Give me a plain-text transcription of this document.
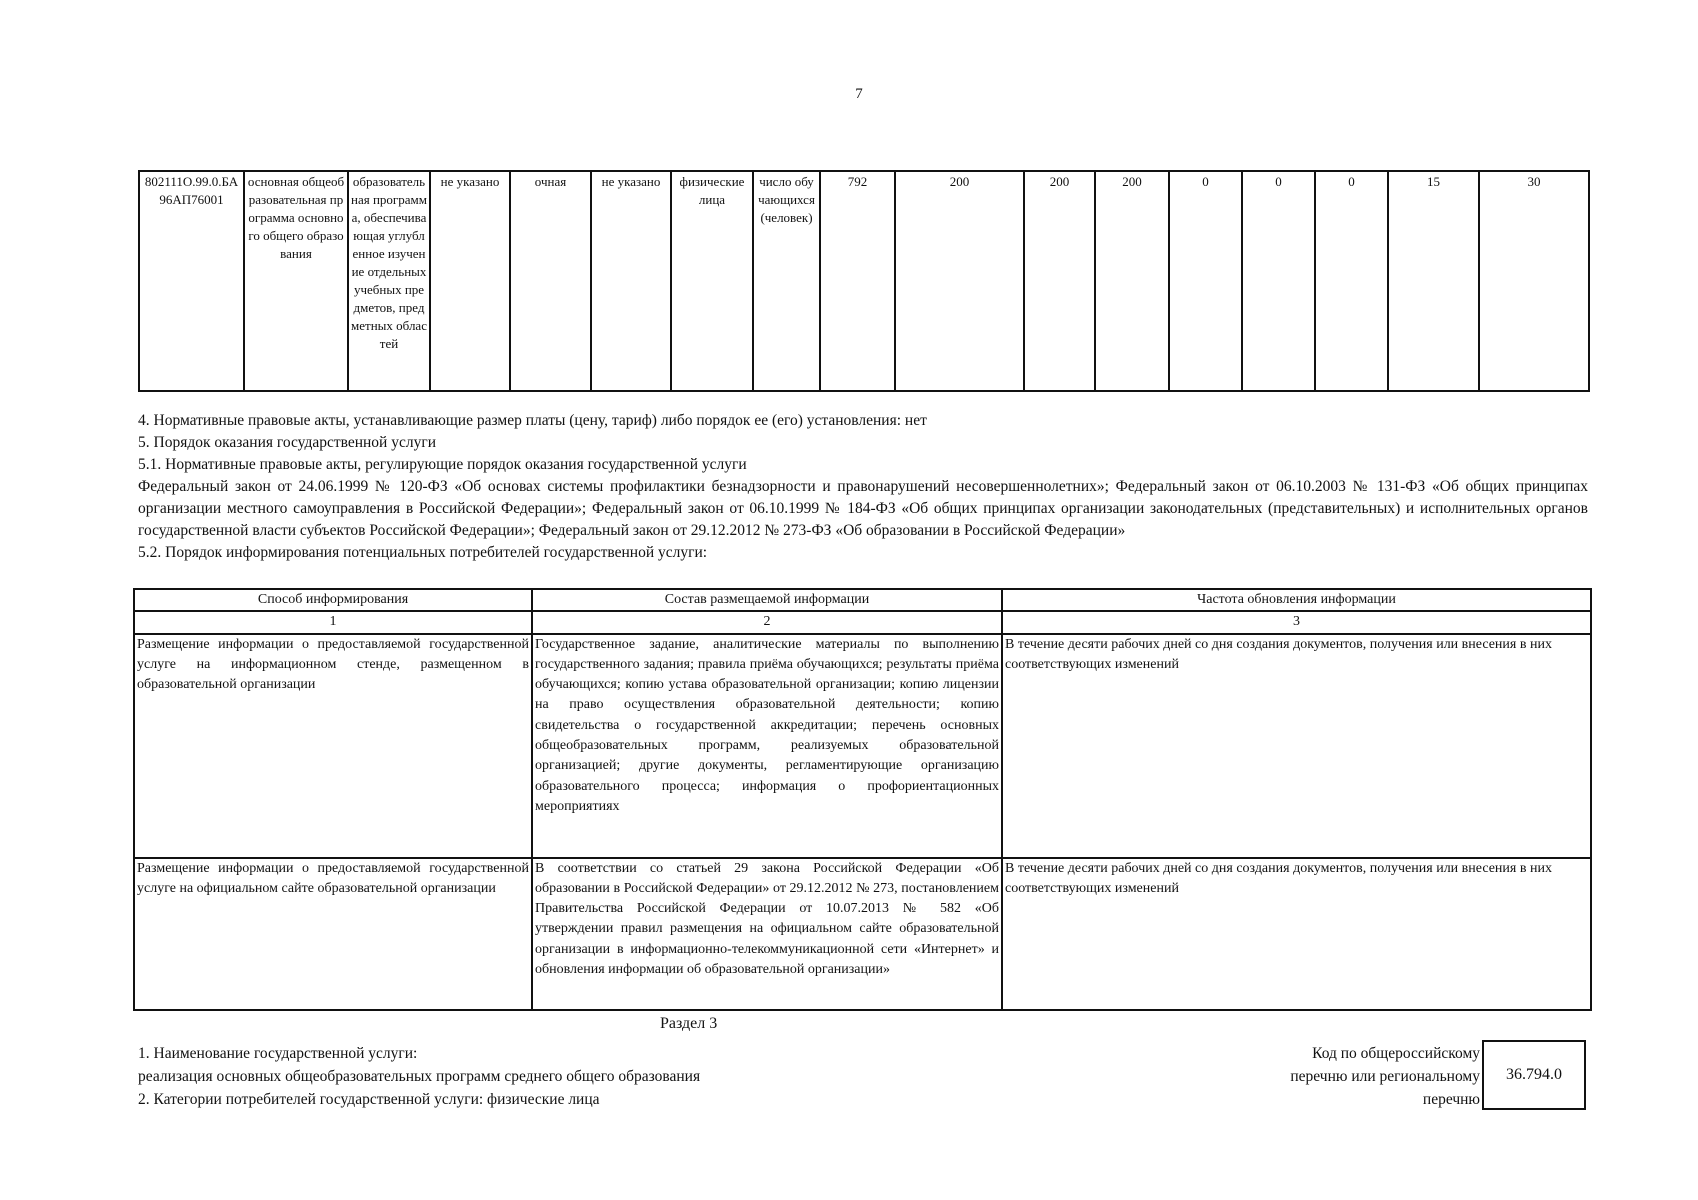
7
802111О.99.0.БА96АП76001	основная общеобразовательная программа основного общего образования	образовательная программа, обеспечивающая углубленное изучение отдельных учебных предметов, предметных областей	не указано	очная	не указано	физические лица	число обучающихся (человек)	792	200	200	200	0	0	0	15	30

4. Нормативные правовые акты, устанавливающие размер платы (цену, тариф) либо порядок ее (его) установления: нет

5. Порядок оказания государственной услуги

5.1. Нормативные правовые акты, регулирующие порядок оказания государственной услуги

Федеральный закон от 24.06.1999 № 120-ФЗ «Об основах системы профилактики безнадзорности и правонарушений несовершеннолетних»; Федеральный закон от 06.10.2003 № 131-ФЗ «Об общих принципах организации местного самоуправления в Российской Федерации»; Федеральный закон от 06.10.1999 № 184-ФЗ «Об общих принципах организации законодательных (представительных) и исполнительных органов государственной власти субъектов Российской Федерации»; Федеральный закон от 29.12.2012 № 273-ФЗ «Об образовании в Российской Федерации»

5.2. Порядок информирования потенциальных потребителей государственной услуги:

Способ информирования	Состав размещаемой информации	Частота обновления информации
1	2	3
Размещение информации о предоставляемой государственной услуге на информационном стенде, размещенном в образовательной организации	Государственное задание, аналитические материалы по выполнению государственного задания; правила приёма обучающихся; результаты приёма обучающихся; копию устава образовательной организации; копию лицензии на право осуществления образовательной деятельности; копию свидетельства о государственной аккредитации; перечень основных общеобразовательных программ, реализуемых образовательной организацией; другие документы, регламентирующие организацию образовательного процесса; информация о профориентационных мероприятиях	В течение десяти рабочих дней со дня создания документов, получения или внесения в них соответствующих изменений
Размещение информации о предоставляемой государственной услуге на официальном сайте образовательной организации	В соответствии со статьей 29 закона Российской Федерации «Об образовании в Российской Федерации» от 29.12.2012 № 273, постановлением Правительства Российской Федерации от 10.07.2013 № 582 «Об утверждении правил размещения на официальном сайте образовательной организации в информационно-телекоммуникационной сети «Интернет» и обновления информации об образовательной организации»	В течение десяти рабочих дней со дня создания документов, получения или внесения в них соответствующих изменений
Раздел 3

1. Наименование государственной услуги:

реализация основных общеобразовательных программ среднего общего образования

2. Категории потребителей государственной услуги: физические лица

Код по общероссийскому перечню или региональному перечню
36.794.0
